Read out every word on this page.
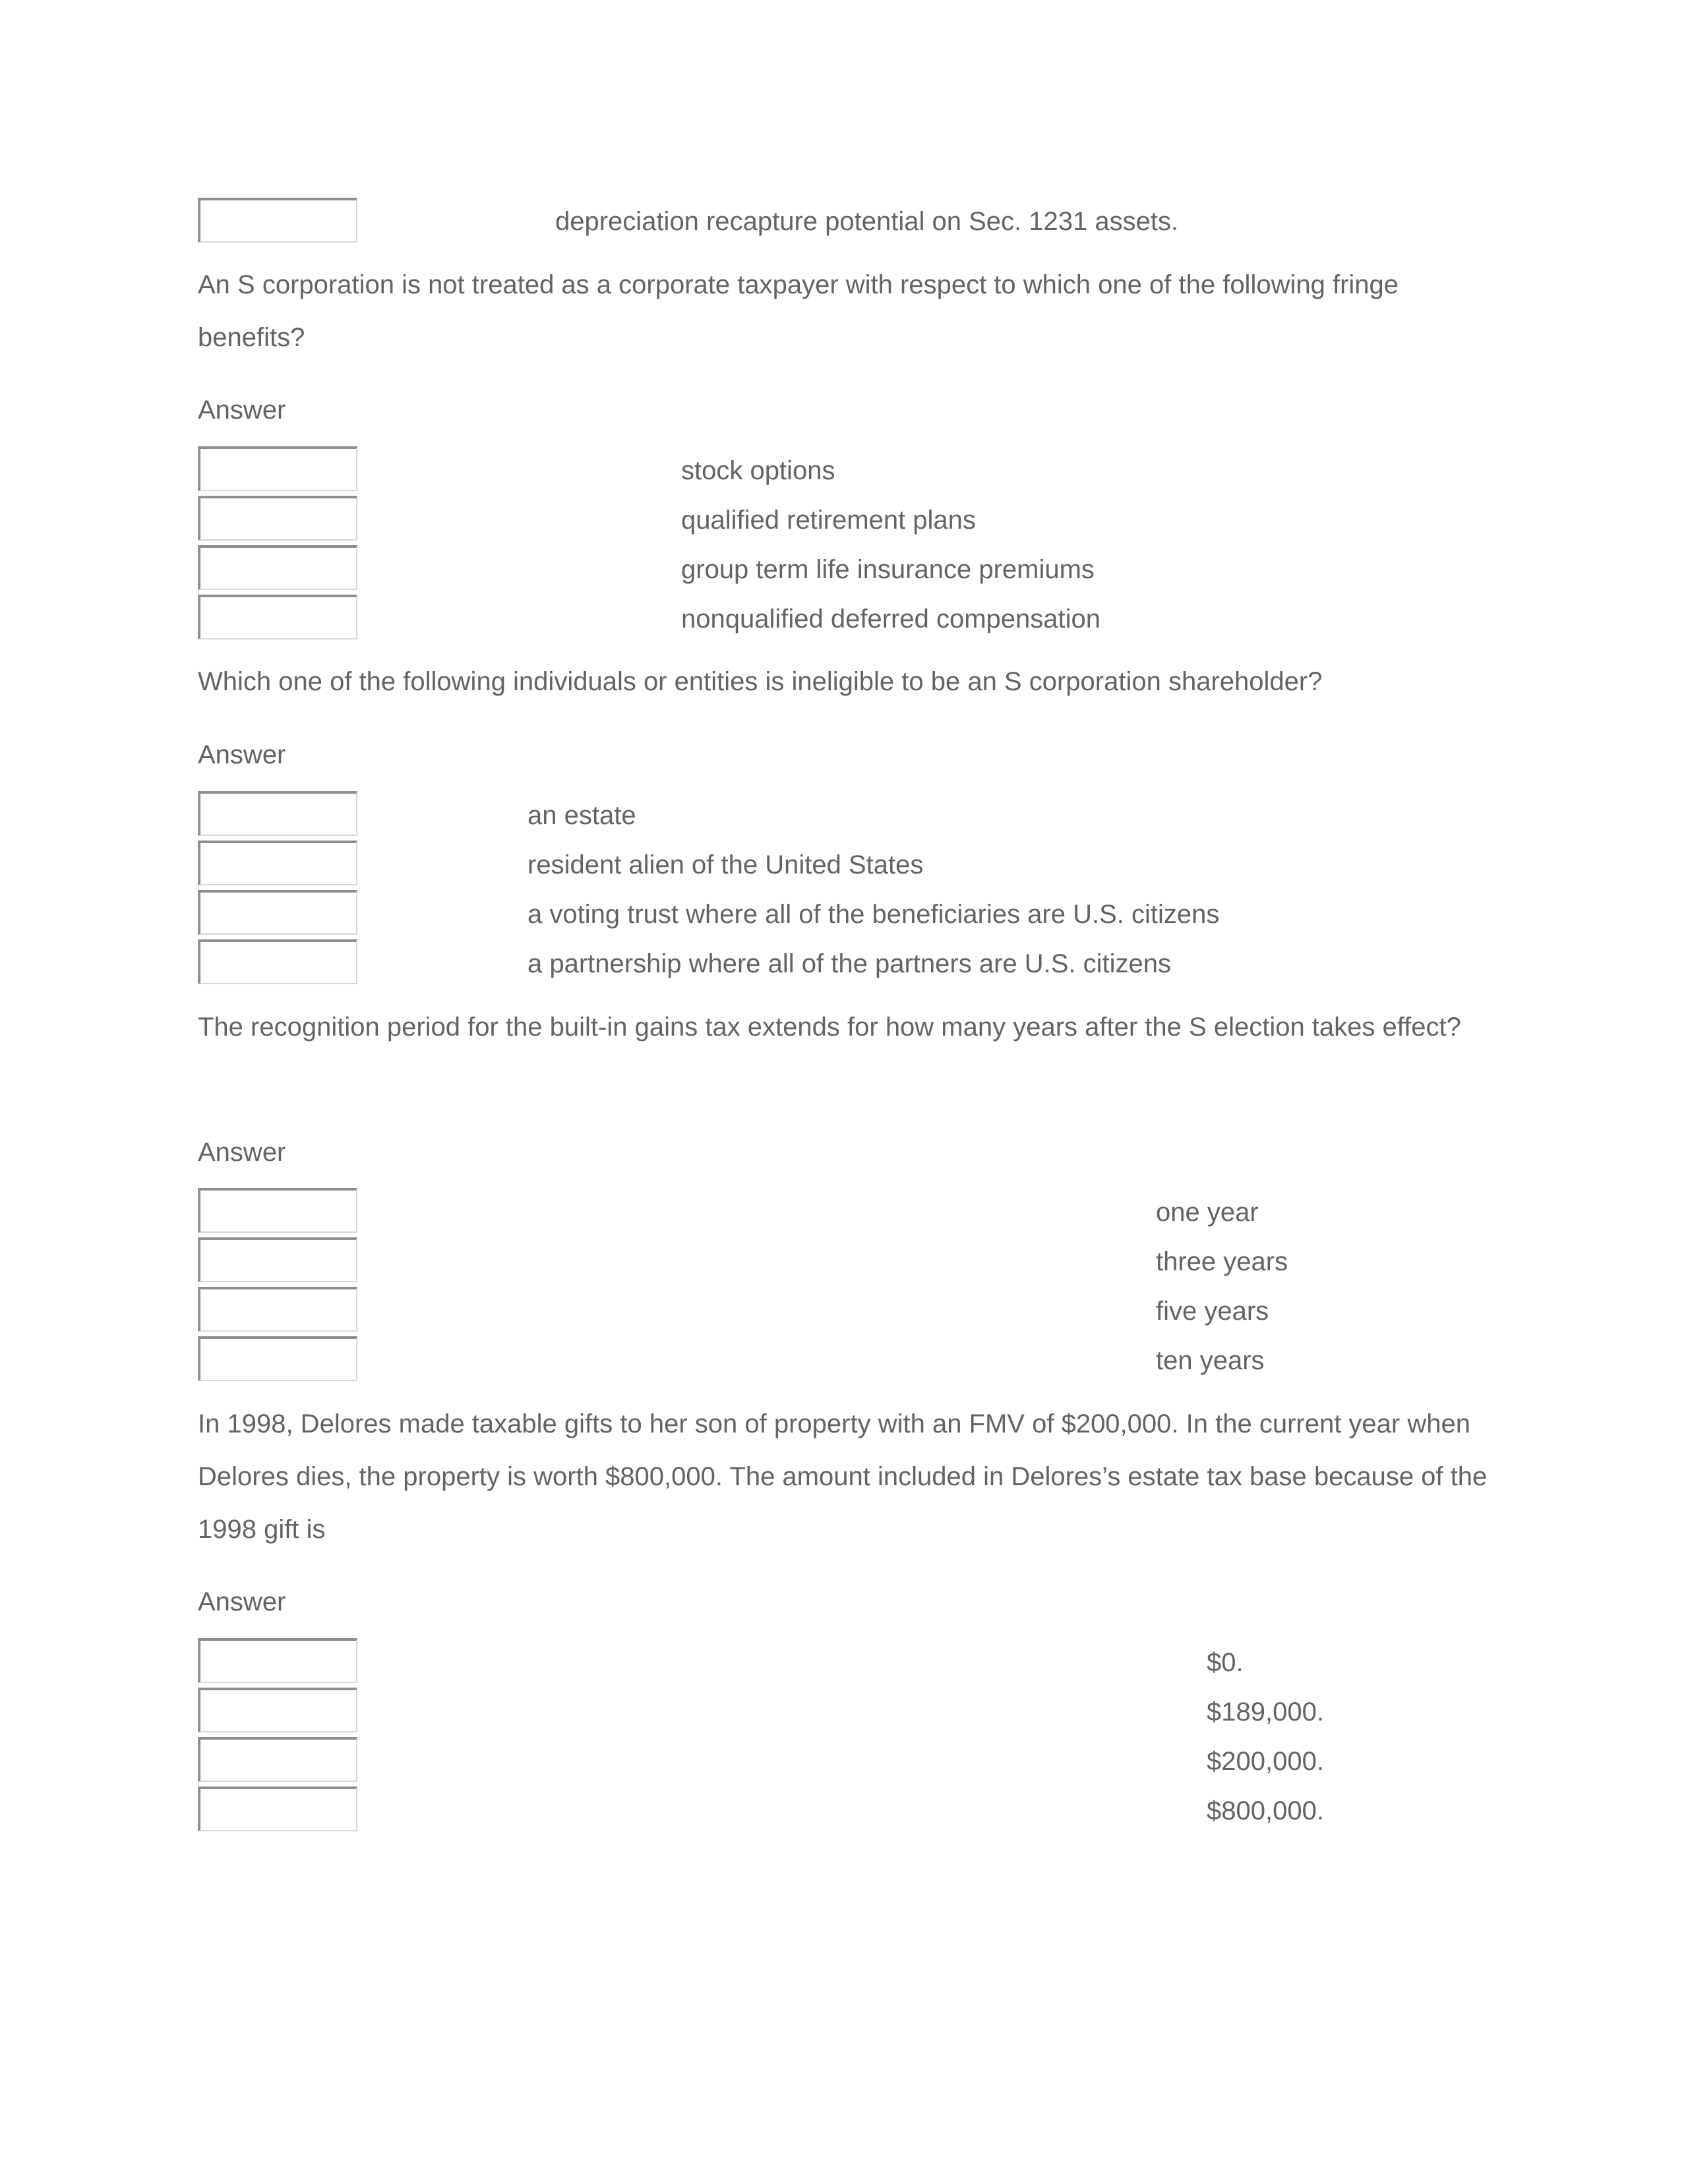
depreciation recapture potential on Sec. 1231 assets.
An S corporation is not treated as a corporate taxpayer with respect to which one of the following fringe benefits?
Answer
stock options
qualified retirement plans
group term life insurance premiums
nonqualified deferred compensation
Which one of the following individuals or entities is ineligible to be an S corporation shareholder?
Answer
an estate
resident alien of the United States
a voting trust where all of the beneficiaries are U.S. citizens
a partnership where all of the partners are U.S. citizens
The recognition period for the built-in gains tax extends for how many years after the S election takes effect?
Answer
one year
three years
five years
ten years
In 1998, Delores made taxable gifts to her son of property with an FMV of $200,000. In the current year when Delores dies, the property is worth $800,000. The amount included in Delores’s estate tax base because of the 1998 gift is
Answer
$0.
$189,000.
$200,000.
$800,000.
